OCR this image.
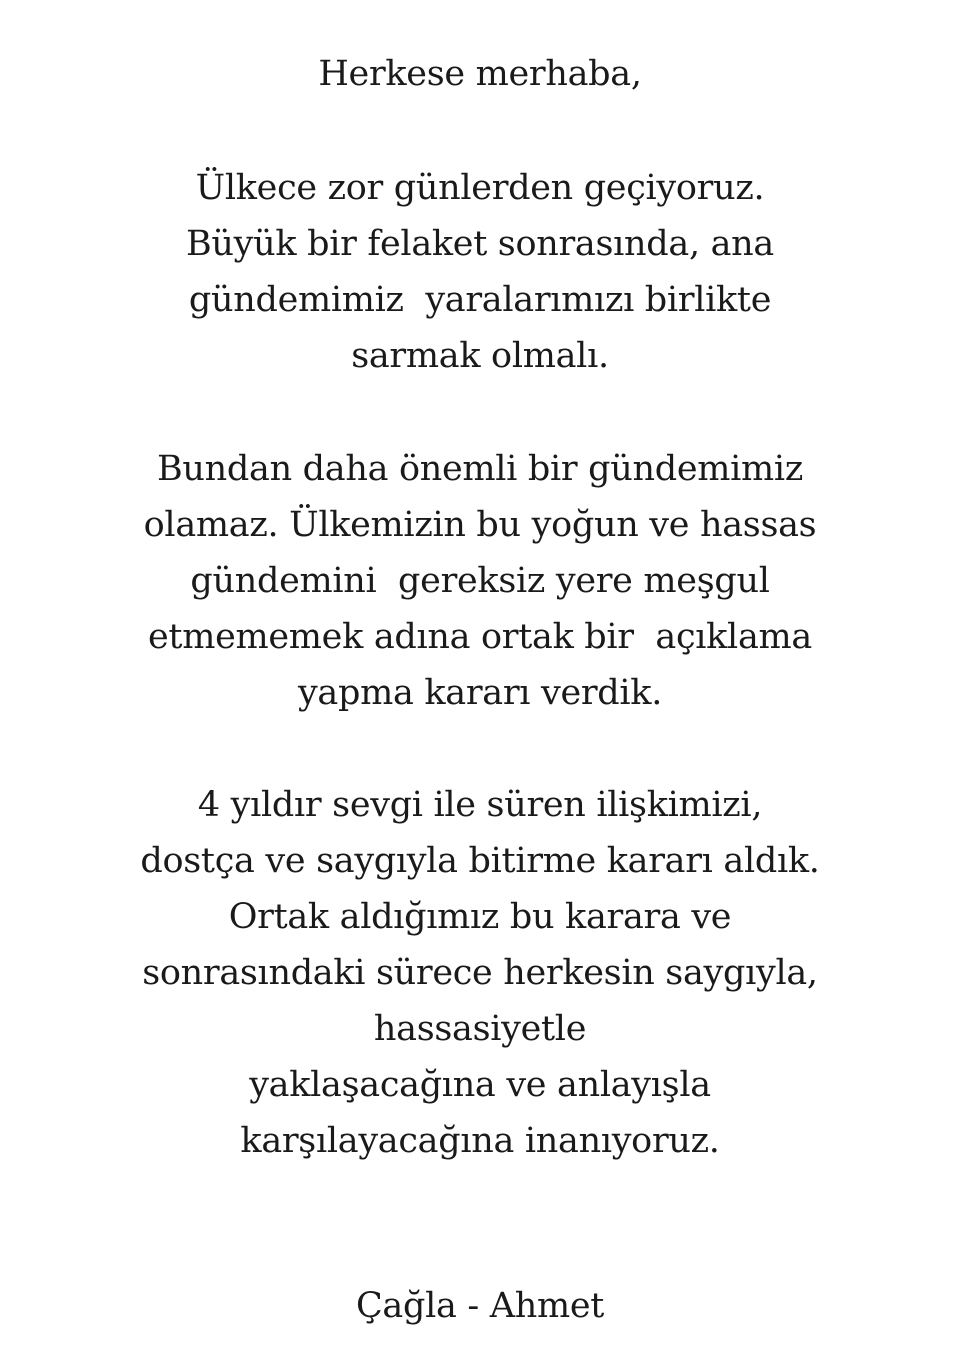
Herkese merhaba,
Ülkece zor günlerden geçiyoruz.
Büyük bir felaket sonrasında, ana
gündemimiz  yaralarımızı birlikte
sarmak olmalı.
Bundan daha önemli bir gündemimiz
olamaz. Ülkemizin bu yoğun ve hassas
gündemini  gereksiz yere meşgul
etmememek adına ortak bir  açıklama
yapma kararı verdik.
4 yıldır sevgi ile süren ilişkimizi,
dostça ve saygıyla bitirme kararı aldık.
Ortak aldığımız bu karara ve
sonrasındaki sürece herkesin saygıyla,
hassasiyetle
yaklaşacağına ve anlayışla
karşılayacağına inanıyoruz.
Çağla - Ahmet
